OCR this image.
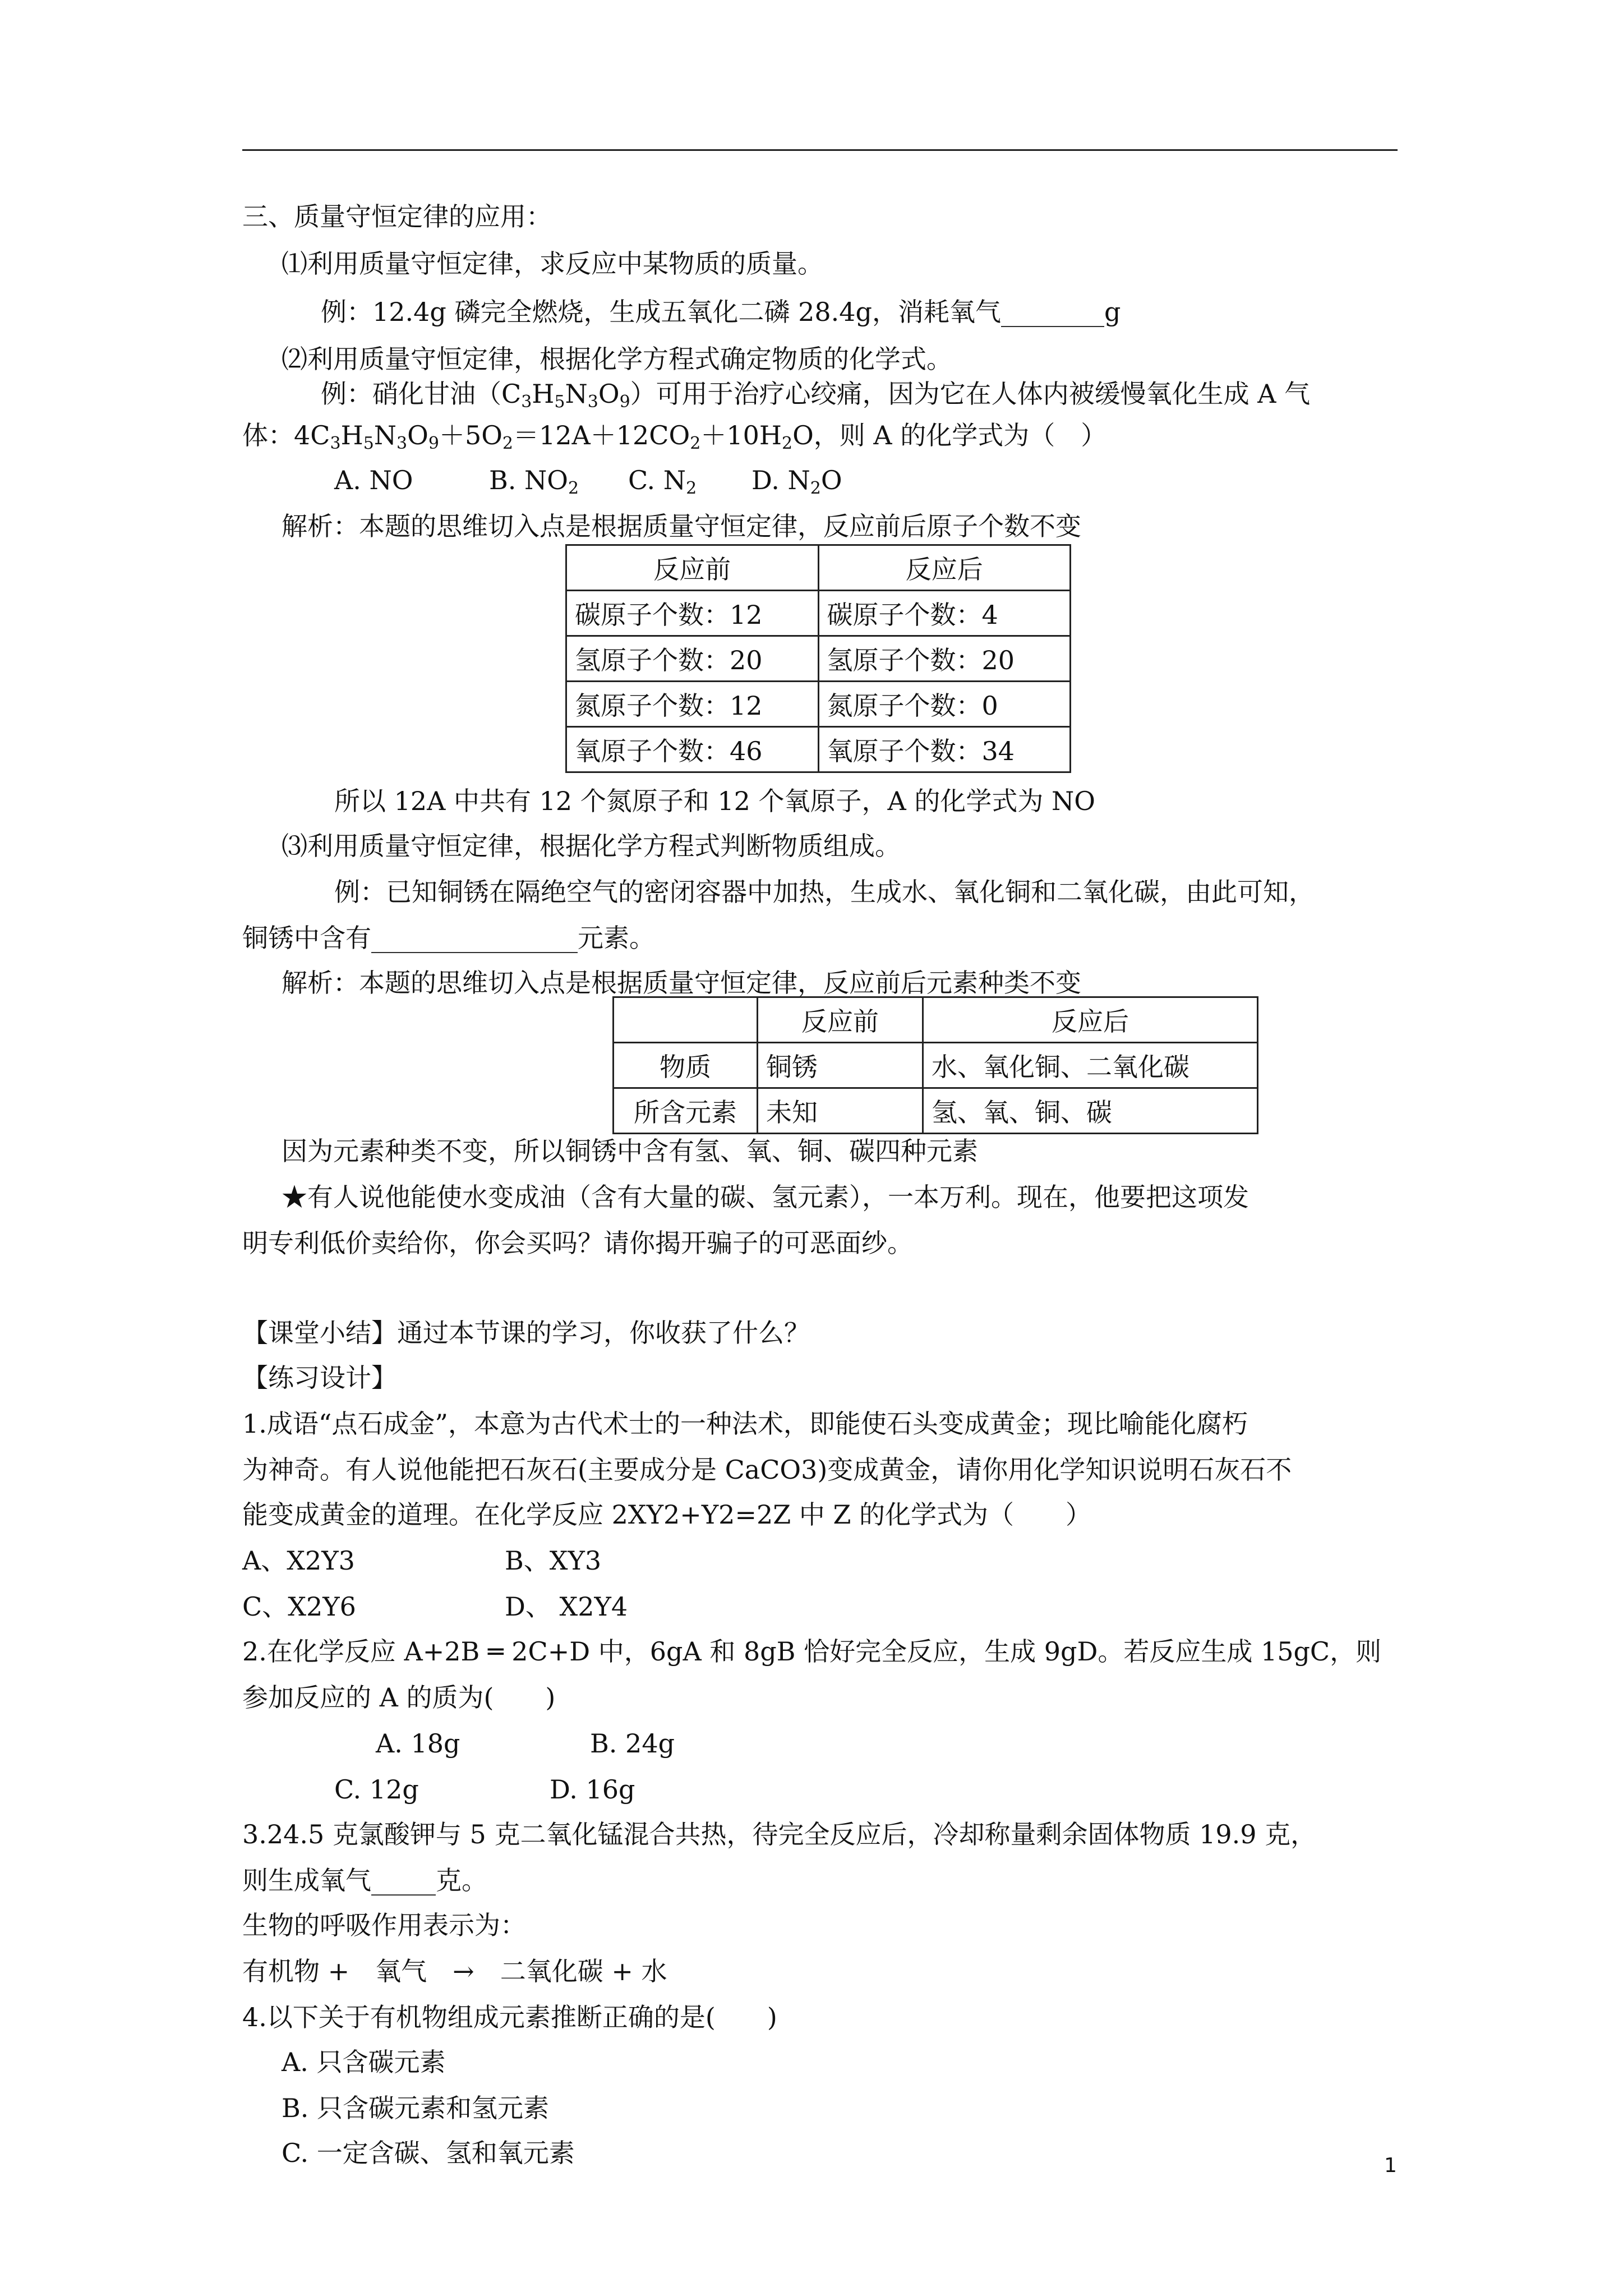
三、质量守恒定律的应用：
⑴利用质量守恒定律，求反应中某物质的质量。
例：12.4g 磷完全燃烧，生成五氧化二磷 28.4g，消耗氧气________g
⑵利用质量守恒定律，根据化学方程式确定物质的化学式。
例：硝化甘油$(C_3H_5N_3O_9)$可用于治疗心绞痛，因为它在人体内被缓慢氧化生成 A 气
体：$4C_3H_5N_3O_9+5O_2=12A+12CO_2+10H_2O$，则 A 的化学式为（　）
A. NO	B. $NO_2$ C. $N_2$ D. $N_2O$
解析：本题的思维切入点是根据质量守恒定律，反应前后原子个数不变
反应前	反应后
碳原子个数：12	碳原子个数：4
氢原子个数：20	氢原子个数：20
氮原子个数：12	氮原子个数：0
氧原子个数：46	氧原子个数：34
所以 12A 中共有 12 个氮原子和 12 个氧原子，A 的化学式为 NO
⑶利用质量守恒定律，根据化学方程式判断物质组成。
例：已知铜锈在隔绝空气的密闭容器中加热，生成水、氧化铜和二氧化碳，由此可知，
铜锈中含有________________元素。
解析：本题的思维切入点是根据质量守恒定律，反应前后元素种类不变
	反应前	反应后
物质	铜锈	水、氧化铜、二氧化碳
所含元素	未知	氢、氧、铜、碳
因为元素种类不变，所以铜锈中含有氢、氧、铜、碳四种元素
★有人说他能使水变成油（含有大量的碳、氢元素），一本万利。现在，他要把这项发
明专利低价卖给你，你会买吗？请你揭开骗子的可恶面纱。
【课堂小结】通过本节课的学习，你收获了什么？
【练习设计】
1.成语“点石成金”，本意为古代术士的一种法术，即能使石头变成黄金；现比喻能化腐朽
为神奇。有人说他能把石灰石(主要成分是 CaCO3)变成黄金，请你用化学知识说明石灰石不
能变成黄金的道理。在化学反应 2XY2+Y2=2Z 中 Z 的化学式为（　　）
A、X2Y3	B、XY3
C、X2Y6	D、 X2Y4
2.在化学反应 A+2B ═ 2C+D 中，6gA 和 8gB 恰好完全反应，生成 9gD。若反应生成 15gC，则
参加反应的 A 的质为(　　)
A. 18g	B. 24g
C. 12g	D. 16g
3.24.5 克氯酸钾与 5 克二氧化锰混合共热，待完全反应后，冷却称量剩余固体物质 19.9 克，
则生成氧气_____克。
生物的呼吸作用表示为：
有机物 +　氧气　→　二氧化碳 + 水
4.以下关于有机物组成元素推断正确的是(　　)
A. 只含碳元素
B. 只含碳元素和氢元素
C. 一定含碳、氢和氧元素	1
